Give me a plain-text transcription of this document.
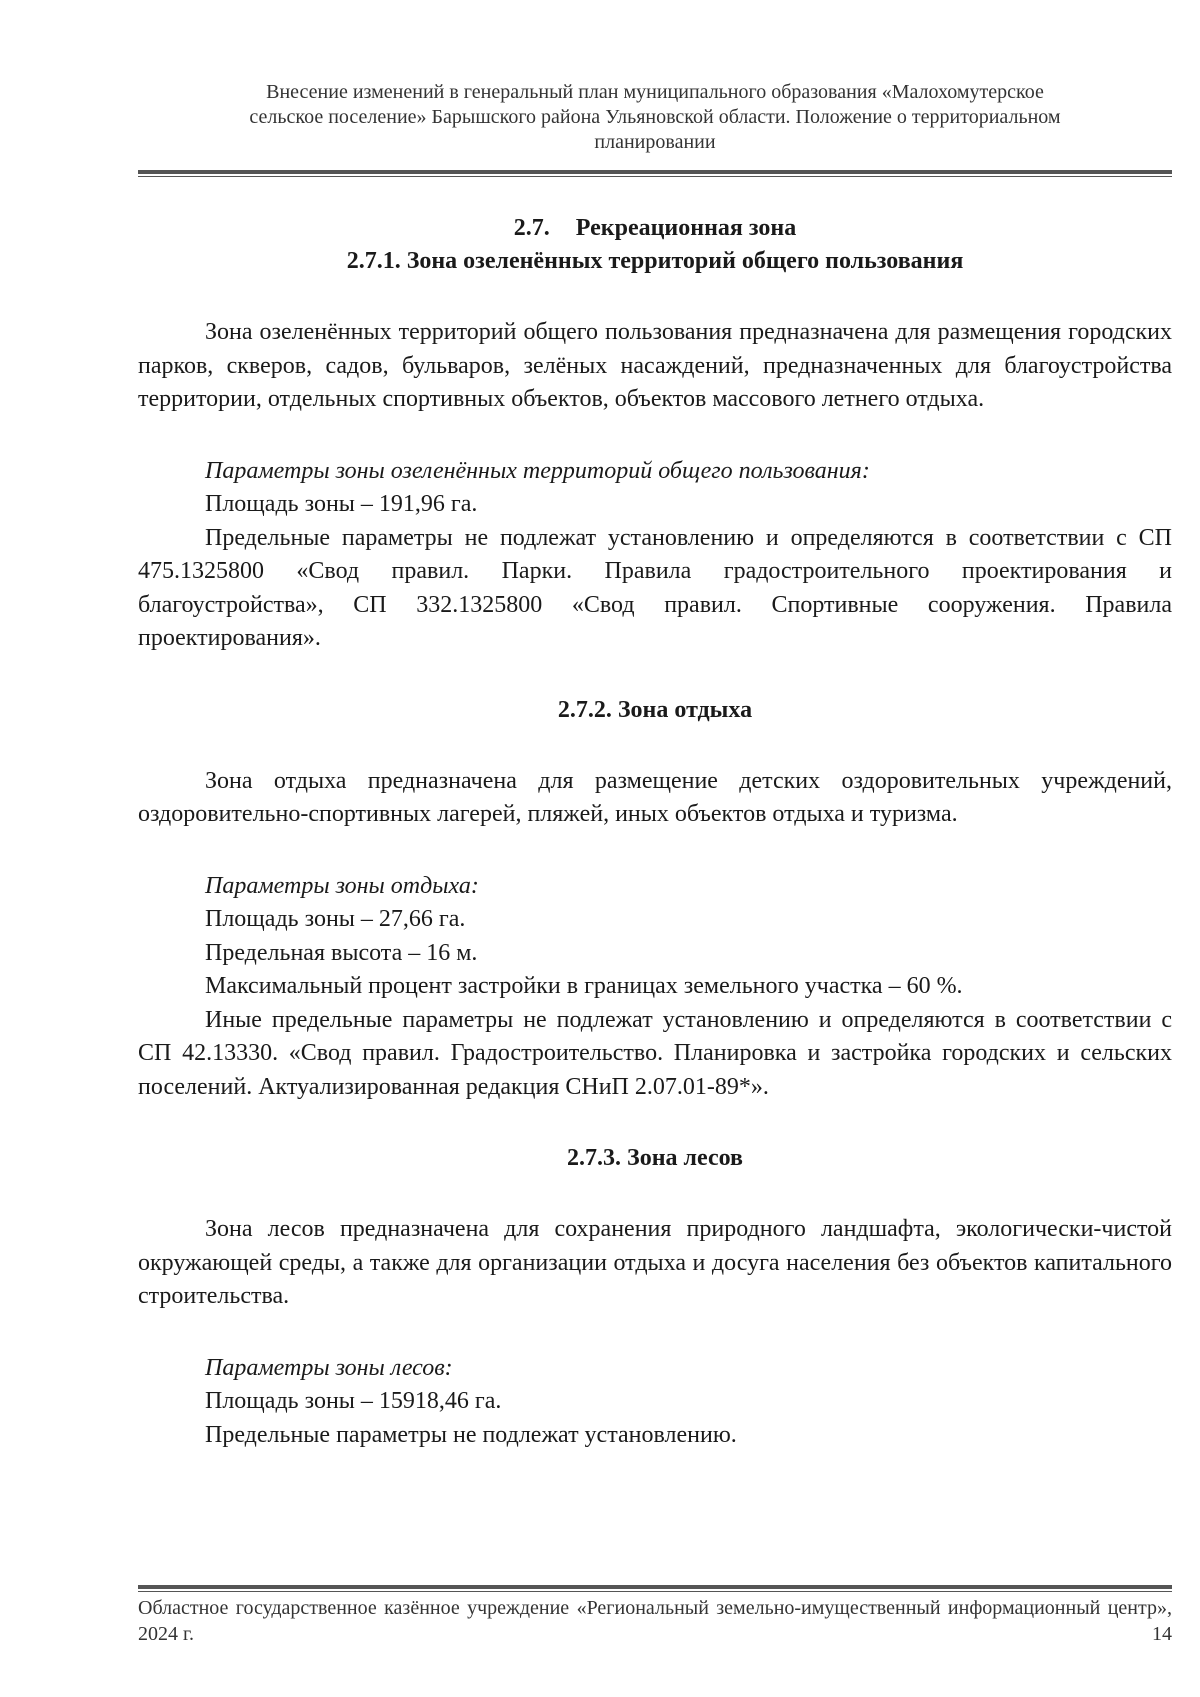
Внесение изменений в генеральный план муниципального образования «Малохомутерское
сельское поселение» Барышского района Ульяновской области. Положение о территориальном
планировании
2.7. Рекреационная зона
2.7.1. Зона озеленённых территорий общего пользования

Зона озеленённых территорий общего пользования предназначена для размещения городских парков, скверов, садов, бульваров, зелёных насаждений, предназначенных для благоустройства территории, отдельных спортивных объектов, объектов массового летнего отдыха.

Параметры зоны озеленённых территорий общего пользования:
Площадь зоны – 191,96 га.

Предельные параметры не подлежат установлению и определяются в соответствии с СП 475.1325800 «Свод правил. Парки. Правила градостроительного проектирования и благоустройства», СП 332.1325800 «Свод правил. Спортивные сооружения. Правила проектирования».

2.7.2. Зона отдыха

Зона отдыха предназначена для размещение детских оздоровительных учреждений, оздоровительно-спортивных лагерей, пляжей, иных объектов отдыха и туризма.

Параметры зоны отдыха:
Площадь зоны – 27,66 га.
Предельная высота – 16 м.
Максимальный процент застройки в границах земельного участка – 60 %.

Иные предельные параметры не подлежат установлению и определяются в соответствии с СП 42.13330. «Свод правил. Градостроительство. Планировка и застройка городских и сельских поселений. Актуализированная редакция СНиП 2.07.01-89*».

2.7.3. Зона лесов

Зона лесов предназначена для сохранения природного ландшафта, экологически-чистой окружающей среды, а также для организации отдыха и досуга населения без объектов капитального строительства.

Параметры зоны лесов:
Площадь зоны – 15918,46 га.
Предельные параметры не подлежат установлению.
Областное государственное казённое учреждение «Региональный земельно-имущественный информационный центр», 2024 г.	14
